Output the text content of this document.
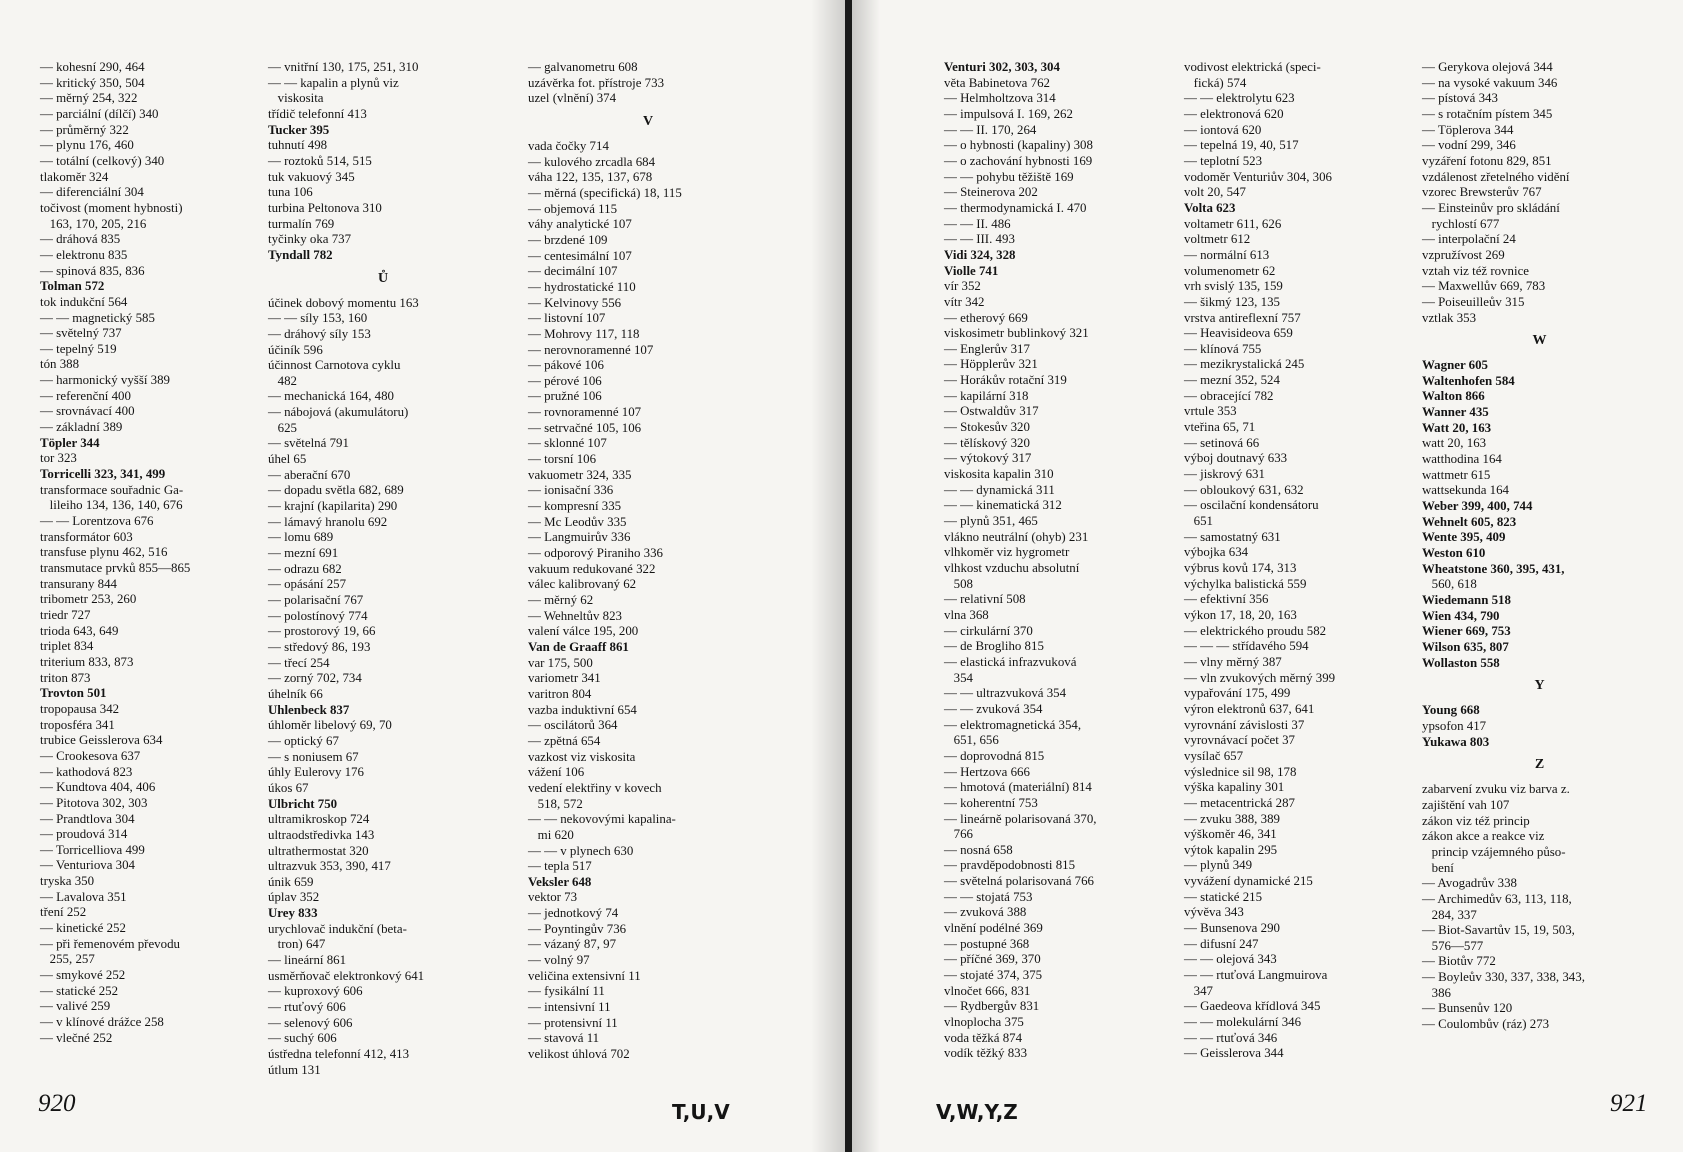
— kohesní 290, 464
— kritický 350, 504
— měrný 254, 322
— parciální (dílčí) 340
— průměrný 322
— plynu 176, 460
— totální (celkový) 340
tlakoměr 324
— diferenciální 304
točivost (moment hybnosti)
163, 170, 205, 216
— dráhová 835
— elektronu 835
— spinová 835, 836
Tolman 572
tok indukční 564
— — magnetický 585
— světelný 737
— tepelný 519
tón 388
— harmonický vyšší 389
— referenční 400
— srovnávací 400
— základní 389
Töpler 344
tor 323
Torricelli 323, 341, 499
transformace souřadnic Ga-
lileiho 134, 136, 140, 676
— — Lorentzova 676
transformátor 603
transfuse plynu 462, 516
transmutace prvků 855—865
transurany 844
tribometr 253, 260
triedr 727
trioda 643, 649
triplet 834
triterium 833, 873
triton 873
Trovton 501
tropopausa 342
troposféra 341
trubice Geisslerova 634
— Crookesova 637
— kathodová 823
— Kundtova 404, 406
— Pitotova 302, 303
— Prandtlova 304
— proudová 314
— Torricelliova 499
— Venturiova 304
tryska 350
— Lavalova 351
tření 252
— kinetické 252
— při řemenovém převodu
255, 257
— smykové 252
— statické 252
— valivé 259
— v klínové drážce 258
— vlečné 252
— vnitřní 130, 175, 251, 310
— — kapalin a plynů viz
viskosita
třídič telefonní 413
Tucker 395
tuhnutí 498
— roztoků 514, 515
tuk vakuový 345
tuna 106
turbina Peltonova 310
turmalín 769
tyčinky oka 737
Tyndall 782
Ů
účinek dobový momentu 163
— — síly 153, 160
— dráhový síly 153
účiník 596
účinnost Carnotova cyklu
482
— mechanická 164, 480
— nábojová (akumulátoru)
625
— světelná 791
úhel 65
— aberační 670
— dopadu světla 682, 689
— krajní (kapilarita) 290
— lámavý hranolu 692
— lomu 689
— mezní 691
— odrazu 682
— opásání 257
— polarisační 767
— polostínový 774
— prostorový 19, 66
— středový 86, 193
— třecí 254
— zorný 702, 734
úhelník 66
Uhlenbeck 837
úhloměr libelový 69, 70
— optický 67
— s noniusem 67
úhly Eulerovy 176
úkos 67
Ulbricht 750
ultramikroskop 724
ultraodstředivka 143
ultrathermostat 320
ultrazvuk 353, 390, 417
únik 659
úplav 352
Urey 833
urychlovač indukční (beta-
tron) 647
— lineární 861
usměrňovač elektronkový 641
— kuproxový 606
— rtuťový 606
— selenový 606
— suchý 606
ústředna telefonní 412, 413
útlum 131
— galvanometru 608
uzávěrka fot. přístroje 733
uzel (vlnění) 374
V
vada čočky 714
— kulového zrcadla 684
váha 122, 135, 137, 678
— měrná (specifická) 18, 115
— objemová 115
váhy analytické 107
— brzdené 109
— centesimální 107
— decimální 107
— hydrostatické 110
— Kelvinovy 556
— listovní 107
— Mohrovy 117, 118
— nerovnoramenné 107
— pákové 106
— pérové 106
— pružné 106
— rovnoramenné 107
— setrvačné 105, 106
— sklonné 107
— torsní 106
vakuometr 324, 335
— ionisační 336
— kompresní 335
— Mc Leodův 335
— Langmuirův 336
— odporový Piraniho 336
vakuum redukované 322
válec kalibrovaný 62
— měrný 62
— Wehneltův 823
valení válce 195, 200
Van de Graaff 861
var 175, 500
variometr 341
varitron 804
vazba induktivní 654
— oscilátorů 364
— zpětná 654
vazkost viz viskosita
vážení 106
vedení elektřiny v kovech
518, 572
— — nekovovými kapalina-
mi 620
— — v plynech 630
— tepla 517
Veksler 648
vektor 73
— jednotkový 74
— Poyntingův 736
— vázaný 87, 97
— volný 97
veličina extensivní 11
— fysikální 11
— intensivní 11
— protensivní 11
— stavová 11
velikost úhlová 702
920	T,U,V
Venturi 302, 303, 304
věta Babinetova 762
— Helmholtzova 314
— impulsová I. 169, 262
— — II. 170, 264
— o hybnosti (kapaliny) 308
— o zachování hybnosti 169
— — pohybu těžiště 169
— Steinerova 202
— thermodynamická I. 470
— — II. 486
— — III. 493
Vidi 324, 328
Violle 741
vír 352
vítr 342
— etherový 669
viskosimetr bublinkový 321
— Englerův 317
— Höpplerův 321
— Horákův rotační 319
— kapilární 318
— Ostwaldův 317
— Stokesův 320
— tělískový 320
— výtokový 317
viskosita kapalin 310
— — dynamická 311
— — kinematická 312
— plynů 351, 465
vlákno neutrální (ohyb) 231
vlhkoměr viz hygrometr
vlhkost vzduchu absolutní
508
— relativní 508
vlna 368
— cirkulární 370
— de Brogliho 815
— elastická infrazvuková
354
— — ultrazvuková 354
— — zvuková 354
— elektromagnetická 354,
651, 656
— doprovodná 815
— Hertzova 666
— hmotová (materiální) 814
— koherentní 753
— lineárně polarisovaná 370,
766
— nosná 658
— pravděpodobnosti 815
— světelná polarisovaná 766
— — stojatá 753
— zvuková 388
vlnění podélné 369
— postupné 368
— příčné 369, 370
— stojaté 374, 375
vlnočet 666, 831
— Rydbergův 831
vlnoplocha 375
voda těžká 874
vodík těžký 833
vodivost elektrická (speci-
fická) 574
— — elektrolytu 623
— elektronová 620
— iontová 620
— tepelná 19, 40, 517
— teplotní 523
vodoměr Venturiův 304, 306
volt 20, 547
Volta 623
voltametr 611, 626
voltmetr 612
— normální 613
volumenometr 62
vrh svislý 135, 159
— šikmý 123, 135
vrstva antireflexní 757
— Heavisideova 659
— klínová 755
— mezikrystalická 245
— mezní 352, 524
— obracející 782
vrtule 353
vteřina 65, 71
— setinová 66
výboj doutnavý 633
— jiskrový 631
— obloukový 631, 632
— oscilační kondensátoru
651
— samostatný 631
výbojka 634
výbrus kovů 174, 313
výchylka balistická 559
— efektivní 356
výkon 17, 18, 20, 163
— elektrického proudu 582
— — — střídavého 594
— vlny měrný 387
— vln zvukových měrný 399
vypařování 175, 499
výron elektronů 637, 641
vyrovnání závislosti 37
vyrovnávací počet 37
vysílač 657
výslednice sil 98, 178
výška kapaliny 301
— metacentrická 287
— zvuku 388, 389
výškoměr 46, 341
výtok kapalin 295
— plynů 349
vyvážení dynamické 215
— statické 215
vývěva 343
— Bunsenova 290
— difusní 247
— — olejová 343
— — rtuťová Langmuirova
347
— Gaedeova křídlová 345
— — molekulární 346
— — rtuťová 346
— Geisslerova 344
— Gerykova olejová 344
— na vysoké vakuum 346
— pístová 343
— s rotačním pístem 345
— Töplerova 344
— vodní 299, 346
vyzáření fotonu 829, 851
vzdálenost zřetelného vidění
vzorec Brewsterův 767
— Einsteinův pro skládání
rychlostí 677
— interpolační 24
vzpružívost 269
vztah viz též rovnice
— Maxwellův 669, 783
— Poiseuilleův 315
vztlak 353
W
Wagner 605
Waltenhofen 584
Walton 866
Wanner 435
Watt 20, 163
watt 20, 163
watthodina 164
wattmetr 615
wattsekunda 164
Weber 399, 400, 744
Wehnelt 605, 823
Wente 395, 409
Weston 610
Wheatstone 360, 395, 431,
560, 618
Wiedemann 518
Wien 434, 790
Wiener 669, 753
Wilson 635, 807
Wollaston 558
Y
Young 668
ypsofon 417
Yukawa 803
Z
zabarvení zvuku viz barva z.
zajištění vah 107
zákon viz též princip
zákon akce a reakce viz
princip vzájemného půso-
bení
— Avogadrův 338
— Archimedův 63, 113, 118,
284, 337
— Biot-Savartův 15, 19, 503,
576—577
— Biotův 772
— Boyleův 330, 337, 338, 343,
386
— Bunsenův 120
— Coulombův (ráz) 273
921
V,W,Y,Z
